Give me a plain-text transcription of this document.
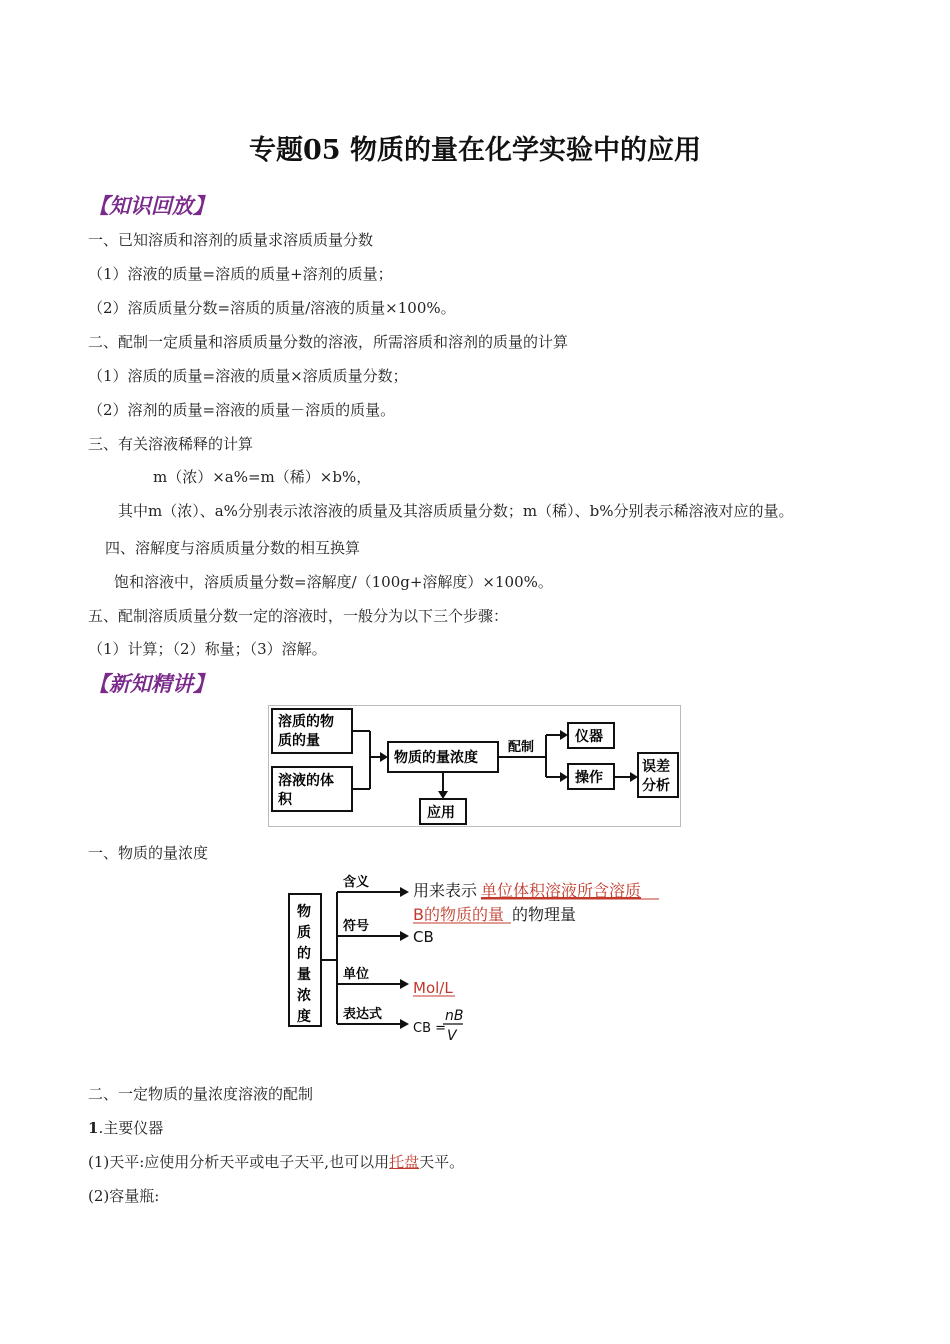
专题05 物质的量在化学实验中的应用
【知识回放】
一、已知溶质和溶剂的质量求溶质质量分数
（1）溶液的质量=溶质的质量+溶剂的质量；
（2）溶质质量分数=溶质的质量/溶液的质量×100%。
二、配制一定质量和溶质质量分数的溶液，所需溶质和溶剂的质量的计算
（1）溶质的质量=溶液的质量×溶质质量分数；
（2）溶剂的质量=溶液的质量－溶质的质量。
三、有关溶液稀释的计算
m（浓）×a%=m（稀）×b%，
其中m（浓）、a%分别表示浓溶液的质量及其溶质质量分数；m（稀）、b%分别表示稀溶液对应的量。
四、溶解度与溶质质量分数的相互换算
饱和溶液中，溶质质量分数=溶解度/（100g+溶解度）×100%。
五、配制溶质质量分数一定的溶液时，一般分为以下三个步骤：
（1）计算；（2）称量；（3）溶解。
【新知精讲】
溶质的物
质的量
溶液的体
积
物质的量浓度
应用
配制
仪器
操作
误差
分析
一、物质的量浓度
物
质
的
量
浓
度
含义
符号
单位
表达式
用来表示 单位体积溶液所含溶质
B的物质的量 的物理量
CB
Mol/L
CB =
nB
V
二、一定物质的量浓度溶液的配制
1.主要仪器
(1)天平:应使用分析天平或电子天平,也可以用托盘天平。
(2)容量瓶:
